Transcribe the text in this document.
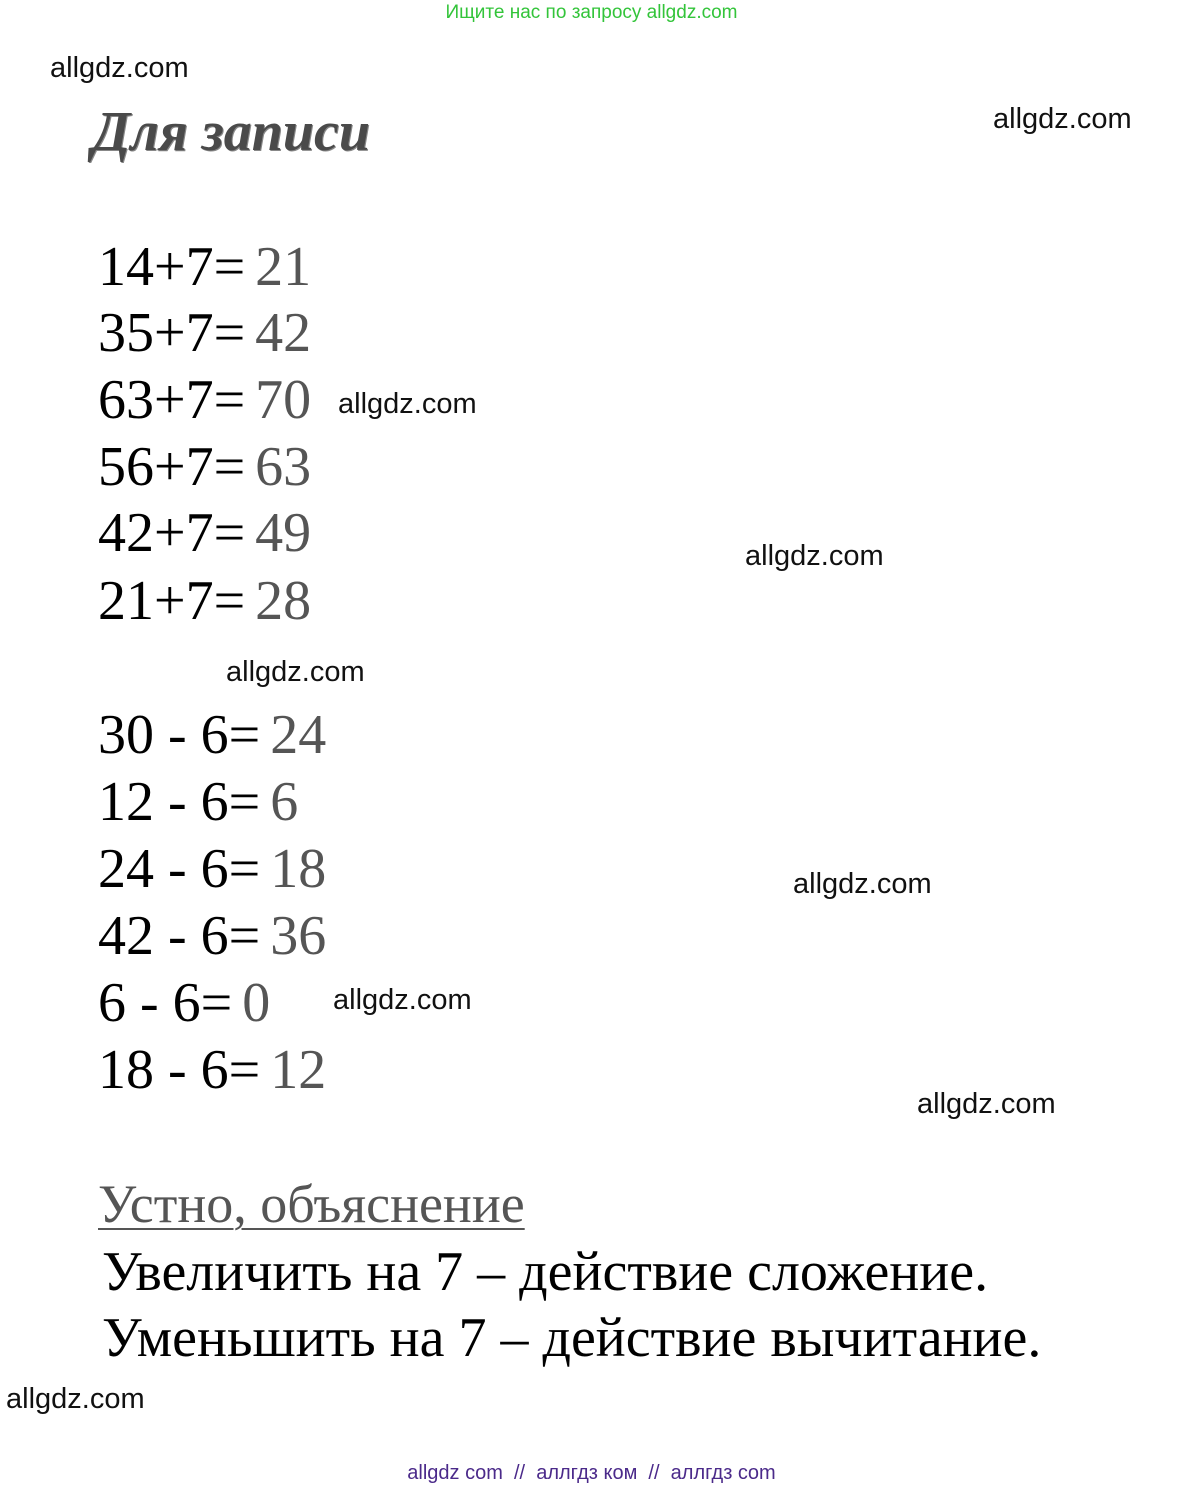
Ищите нас по запросу allgdz.com
allgdz.com
allgdz.com
Для записи
14+7= 21
35+7= 42
63+7= 70
56+7= 63
42+7= 49
21+7= 28
allgdz.com
allgdz.com
allgdz.com
30 - 6= 24
12 - 6= 6
24 - 6= 18
42 - 6= 36
6 - 6= 0
18 - 6= 12
allgdz.com
allgdz.com
allgdz.com
Устно, объяснение
Увеличить на 7 – действие сложение.
Уменьшить на 7 – действие вычитание.
allgdz.com
allgdz com  //  аллгдз ком  //  аллгдз com
